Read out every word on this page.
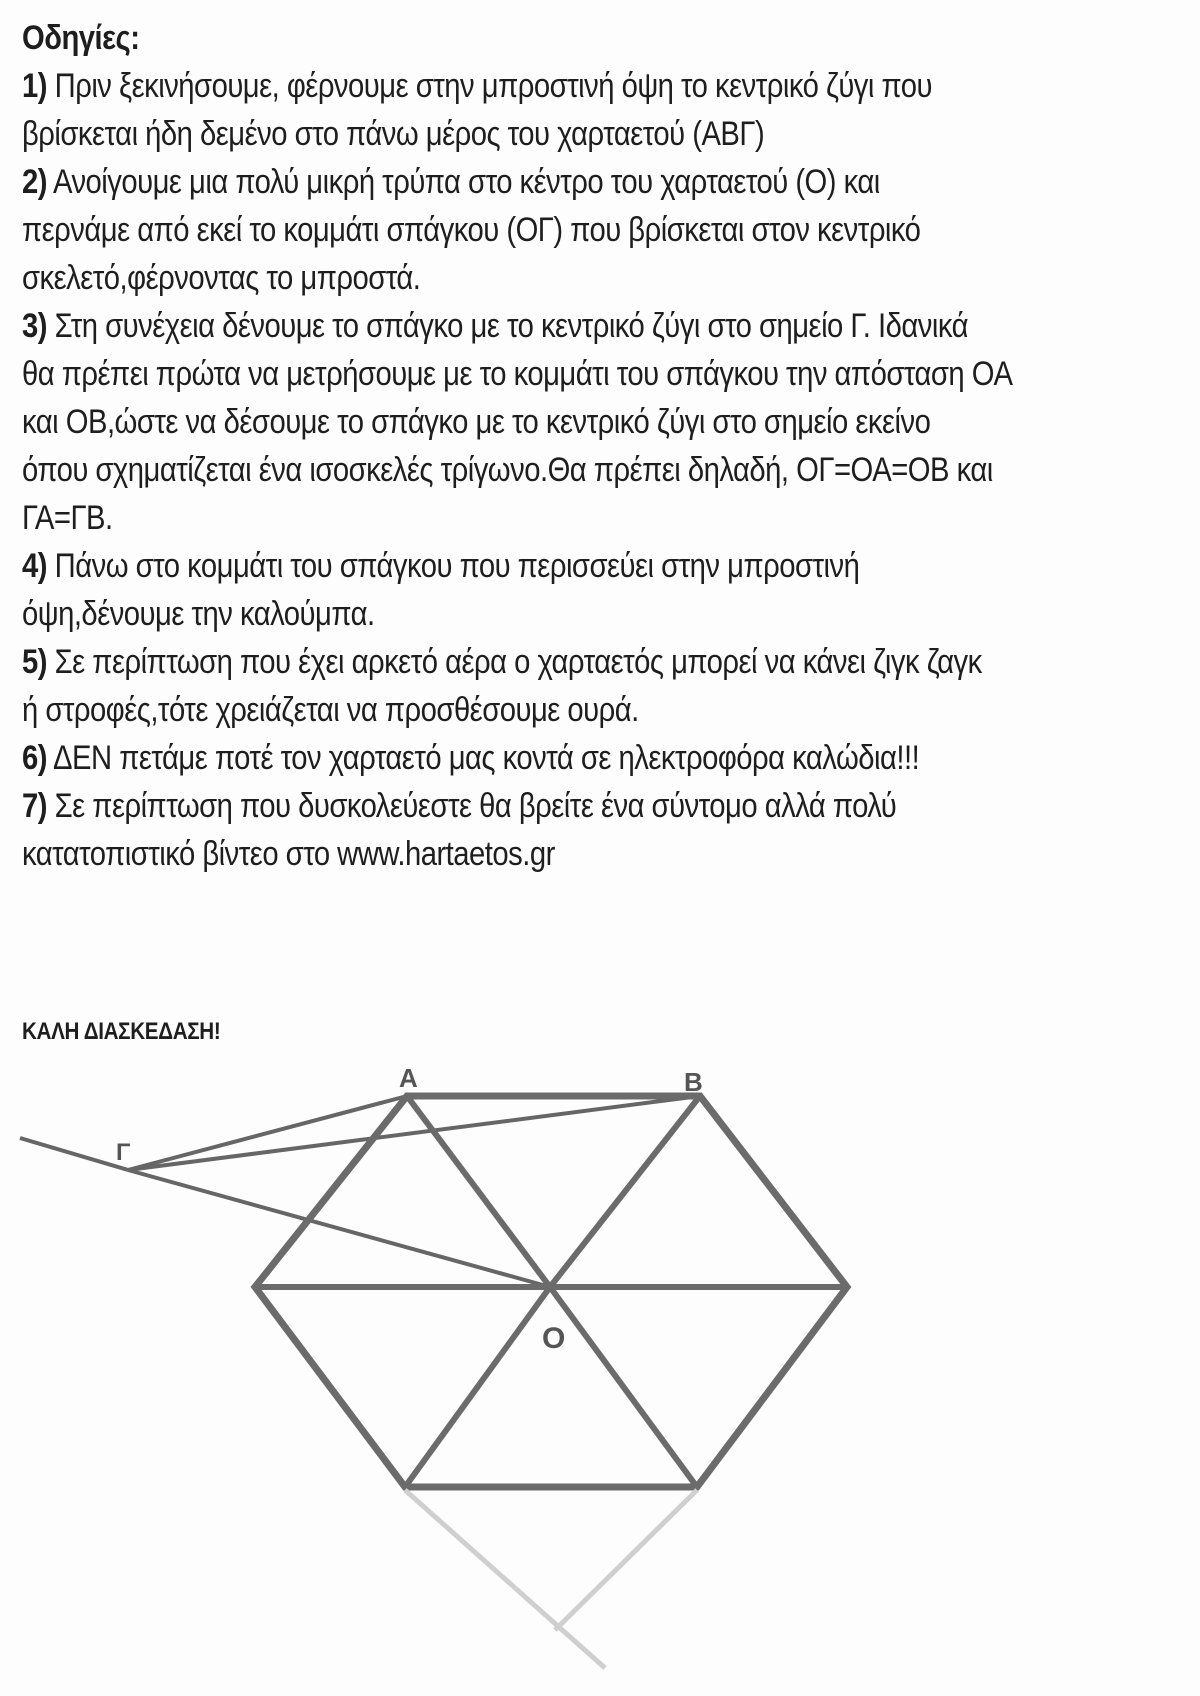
Οδηγίες:
1) Πριν ξεκινήσουμε, φέρνουμε στην μπροστινή όψη το κεντρικό ζύγι που
βρίσκεται ήδη δεμένο στο πάνω μέρος του χαρταετού (ΑΒΓ)
2) Ανοίγουμε μια πολύ μικρή τρύπα στο κέντρο του χαρταετού (Ο) και
περνάμε από εκεί το κομμάτι σπάγκου (ΟΓ) που βρίσκεται στον κεντρικό
σκελετό,φέρνοντας το μπροστά.
3) Στη συνέχεια δένουμε το σπάγκο με το κεντρικό ζύγι στο σημείο Γ. Ιδανικά
θα πρέπει πρώτα να μετρήσουμε με το κομμάτι του σπάγκου την απόσταση ΟΑ
και ΟΒ,ώστε να δέσουμε το σπάγκο με το κεντρικό ζύγι στο σημείο εκείνο
όπου σχηματίζεται ένα ισοσκελές τρίγωνο.Θα πρέπει δηλαδή, ΟΓ=ΟΑ=ΟΒ και
ΓΑ=ΓΒ.
4) Πάνω στο κομμάτι του σπάγκου που περισσεύει στην μπροστινή
όψη,δένουμε την καλούμπα.
5) Σε περίπτωση που έχει αρκετό αέρα ο χαρταετός μπορεί να κάνει ζιγκ ζαγκ
ή στροφές,τότε χρειάζεται να προσθέσουμε ουρά.
6) ΔΕΝ πετάμε ποτέ τον χαρταετό μας κοντά σε ηλεκτροφόρα καλώδια!!!
7) Σε περίπτωση που δυσκολεύεστε θα βρείτε ένα σύντομο αλλά πολύ
κατατοπιστικό βίντεο στο www.hartaetos.gr
ΚΑΛΗ ΔΙΑΣΚΕΔΑΣΗ!
Α	Β
Γ
Ο
